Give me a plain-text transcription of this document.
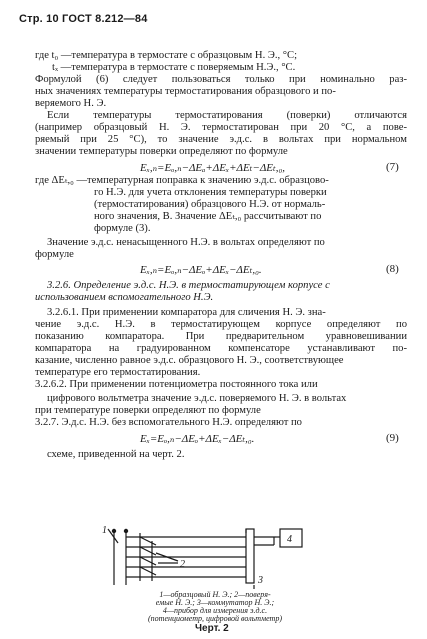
Стр. 10 ГОСТ 8.212—84
где t₀ —температура в термостате с образцовым Н. Э., °С;
tₓ —температура в термостате с поверяемым Н.Э., °С.
Формулой (6) следует пользоваться только при номинально раз-
ных значениях температуры термостатирования образцового и по-
веряемого Н. Э.
Если температуры термостатирования (поверки) отличаются
(например образцовый Н. Э. термостатирован при 20 °С, а пове-
ряемый при 25 °С), то значение э.д.с. в вольтах при нормальном
значении температуры поверки определяют по формуле
Eₓ,ₙ=Eₒ,ₙ−ΔEₐ+ΔEₓ+ΔEₜ−ΔEₜ,₀,	(7)
где ΔEₜ,₀ —температурная поправка к значению э.д.с. образцово-
го Н.Э. для учета отклонения температуры поверки
(термостатирования) образцового Н.Э. от нормаль-
ного значения, В. Значение ΔEₜ,₀ рассчитывают по
формуле (3).
Значение э.д.с. ненасыщенного Н.Э. в вольтах определяют по
формуле
Eₓ,ₙ=Eₒ,ₙ−ΔEₒ+ΔEₓ−ΔEₜ,₀.	(8)
3.2.6. Определение э.д.с. Н.Э. в термостатирующем корпусе с
использованием вспомогательного Н.Э.
3.2.6.1. При применении компаратора для сличения Н. Э. зна-
чение э.д.с. Н.Э. в термостатирующем корпусе определяют по
показанию компаратора. При предварительном уравновешивании
компаратора на градуированном компенсаторе устанавливают по-
казание, численно равное э.д.с. образцового Н. Э., соответствующее
температуре его термостатирования.
3.2.6.2. При применении потенциометра постоянного тока или
цифрового вольтметра значение э.д.с. поверяемого Н. Э. в вольтах
при температуре поверки определяют по формуле
3.2.7. Э.д.с. Н.Э. без вспомогательного Н.Э. определяют по
Eₓ=Eₒ,ₙ−ΔEₒ+ΔEₓ−ΔEₜ,₀.	(9)
схеме, приведенной на черт. 2.
1
2
3
4
1—образцовый Н. Э.; 2—повеpя-
емые Н. Э.; 3—коммутатор Н. Э.;
4—прибор для измерения э.д.с.
(потенциометр, цифровой вольтметр)
Черт. 2
